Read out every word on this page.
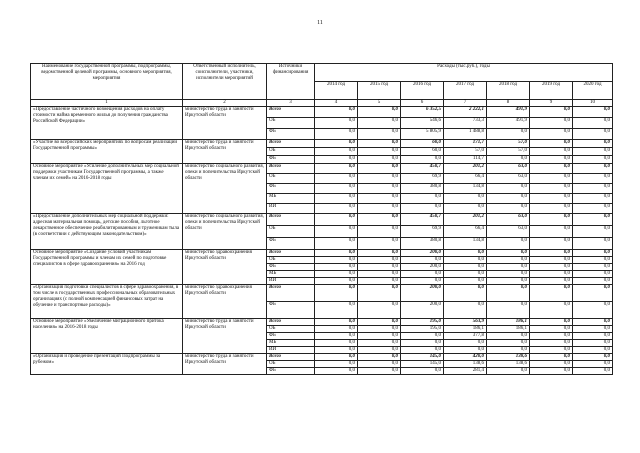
11
Наименование государственной программы, подпрограммы, ведомственной целевой программы, основного мероприятия, мероприятия	Ответственный исполнитель, соисполнители, участники, исполнители мероприятий	Источники финансирования	Расходы (тыс.руб.), годы						
			2014 год	2015 год	2016 год	2017 год	2018 год	2019 год	2020 год
1	2	3	4	5	6	7	8	9	10
«Предоставление частичного возмещения расходов на оплату стоимости найма временного жилья до получения гражданства Российской Федерации»	министерство труда и занятости Иркутской области	Всего	0,0	0,0	6 352,5	2 222,1	491,9	0,0	0,0
		ОБ	0,0	0,0	546,6	733,3	491,9	0,0	0,0
		ФБ	0,0	0,0	5 805,9	1 488,8	0,0	0,0	0,0
«Участие во всероссийских мероприятиях по вопросам реализации Государственной программы»	министерство труда и занятости Иркутской области	Всего	0,0	0,0	60,0	171,7	57,0	0,0	0,0
		ОБ	0,0	0,0	60,0	57,0	57,0	0,0	0,0
		ФБ	0,0	0,0	0,0	114,7	0,0	0,0	0,0
Основное мероприятие «Усиление дополнительных мер социальной поддержки участникам Государственной программы, а также членам их семей» на 2016-2018 годы	министерство социального развития, опеки и попечительства Иркутской области	Всего	0,0	0,0	450,7	201,2	63,0	0,0	0,0
		ОБ	0,0	0,0	69,9	66,4	63,0	0,0	0,0
		ФБ	0,0	0,0	380,8	134,8	0,0	0,0	0,0
		МБ	0,0	0,0	0,0	0,0	0,0	0,0	0,0
		ИИ	0,0	0,0	0,0	0,0	0,0	0,0	0,0
«Предоставление дополнительных мер социальной поддержки: адресная материальная помощь, детские пособия, льготное лекарственное обеспечение реабилитированным и труженикам тыла (в соответствии с действующим законодательством)»	министерство социального развития, опеки и попечительства Иркутской области	Всего	0,0	0,0	450,7	201,2	63,0	0,0	0,0
		ОБ	0,0	0,0	69,9	66,4	63,0	0,0	0,0
		ФБ	0,0	0,0	380,8	134,8	0,0	0,0	0,0
Основное мероприятие «Создание условий участникам Государственной программы и членам их семей по подготовке специалистов в сфере здравоохранения» на 2016 год	министерство здравоохранения Иркутской области	Всего	0,0	0,0	200,0	0,0	0,0	0,0	0,0
		ОБ	0,0	0,0	0,0	0,0	0,0	0,0	0,0
		ФБ	0,0	0,0	200,0	0,0	0,0	0,0	0,0
		МБ	0,0	0,0	0,0	0,0	0,0	0,0	0,0
		ИИ	0,0	0,0	0,0	0,0	0,0	0,0	0,0
«Организация подготовки специалистов в сфере здравоохранения, в том числе в государственных профессиональных образовательных организациях (с полной компенсацией финансовых затрат на обучение и транспортные расходы)»	министерство здравоохранения Иркутской области	Всего	0,0	0,0	200,0	0,0	0,0	0,0	0,0
		ФБ	0,0	0,0	200,0	0,0	0,0	0,0	0,0
Основное мероприятие «Увеличение миграционного притока населения» на 2016-2018 годы	министерство труда и занятости Иркутской области	Всего	0,0	0,0	195,0	563,9	186,1	0,0	0,0
		ОБ	0,0	0,0	195,0	186,1	186,1	0,0	0,0
		ФБ	0,0	0,0	0,0	377,8	0,0	0,0	0,0
		МБ	0,0	0,0	0,0	0,0	0,0	0,0	0,0
		ИИ	0,0	0,0	0,0	0,0	0,0	0,0	0,0
«Организация и проведение презентаций Подпрограммы за рубежом»	министерство труда и занятости Иркутской области	Всего	0,0	0,0	145,0	420,0	138,6	0,0	0,0
		ОБ	0,0	0,0	145,0	138,6	138,6	0,0	0,0
		ФБ	0,0	0,0	0,0	281,4	0,0	0,0	0,0
